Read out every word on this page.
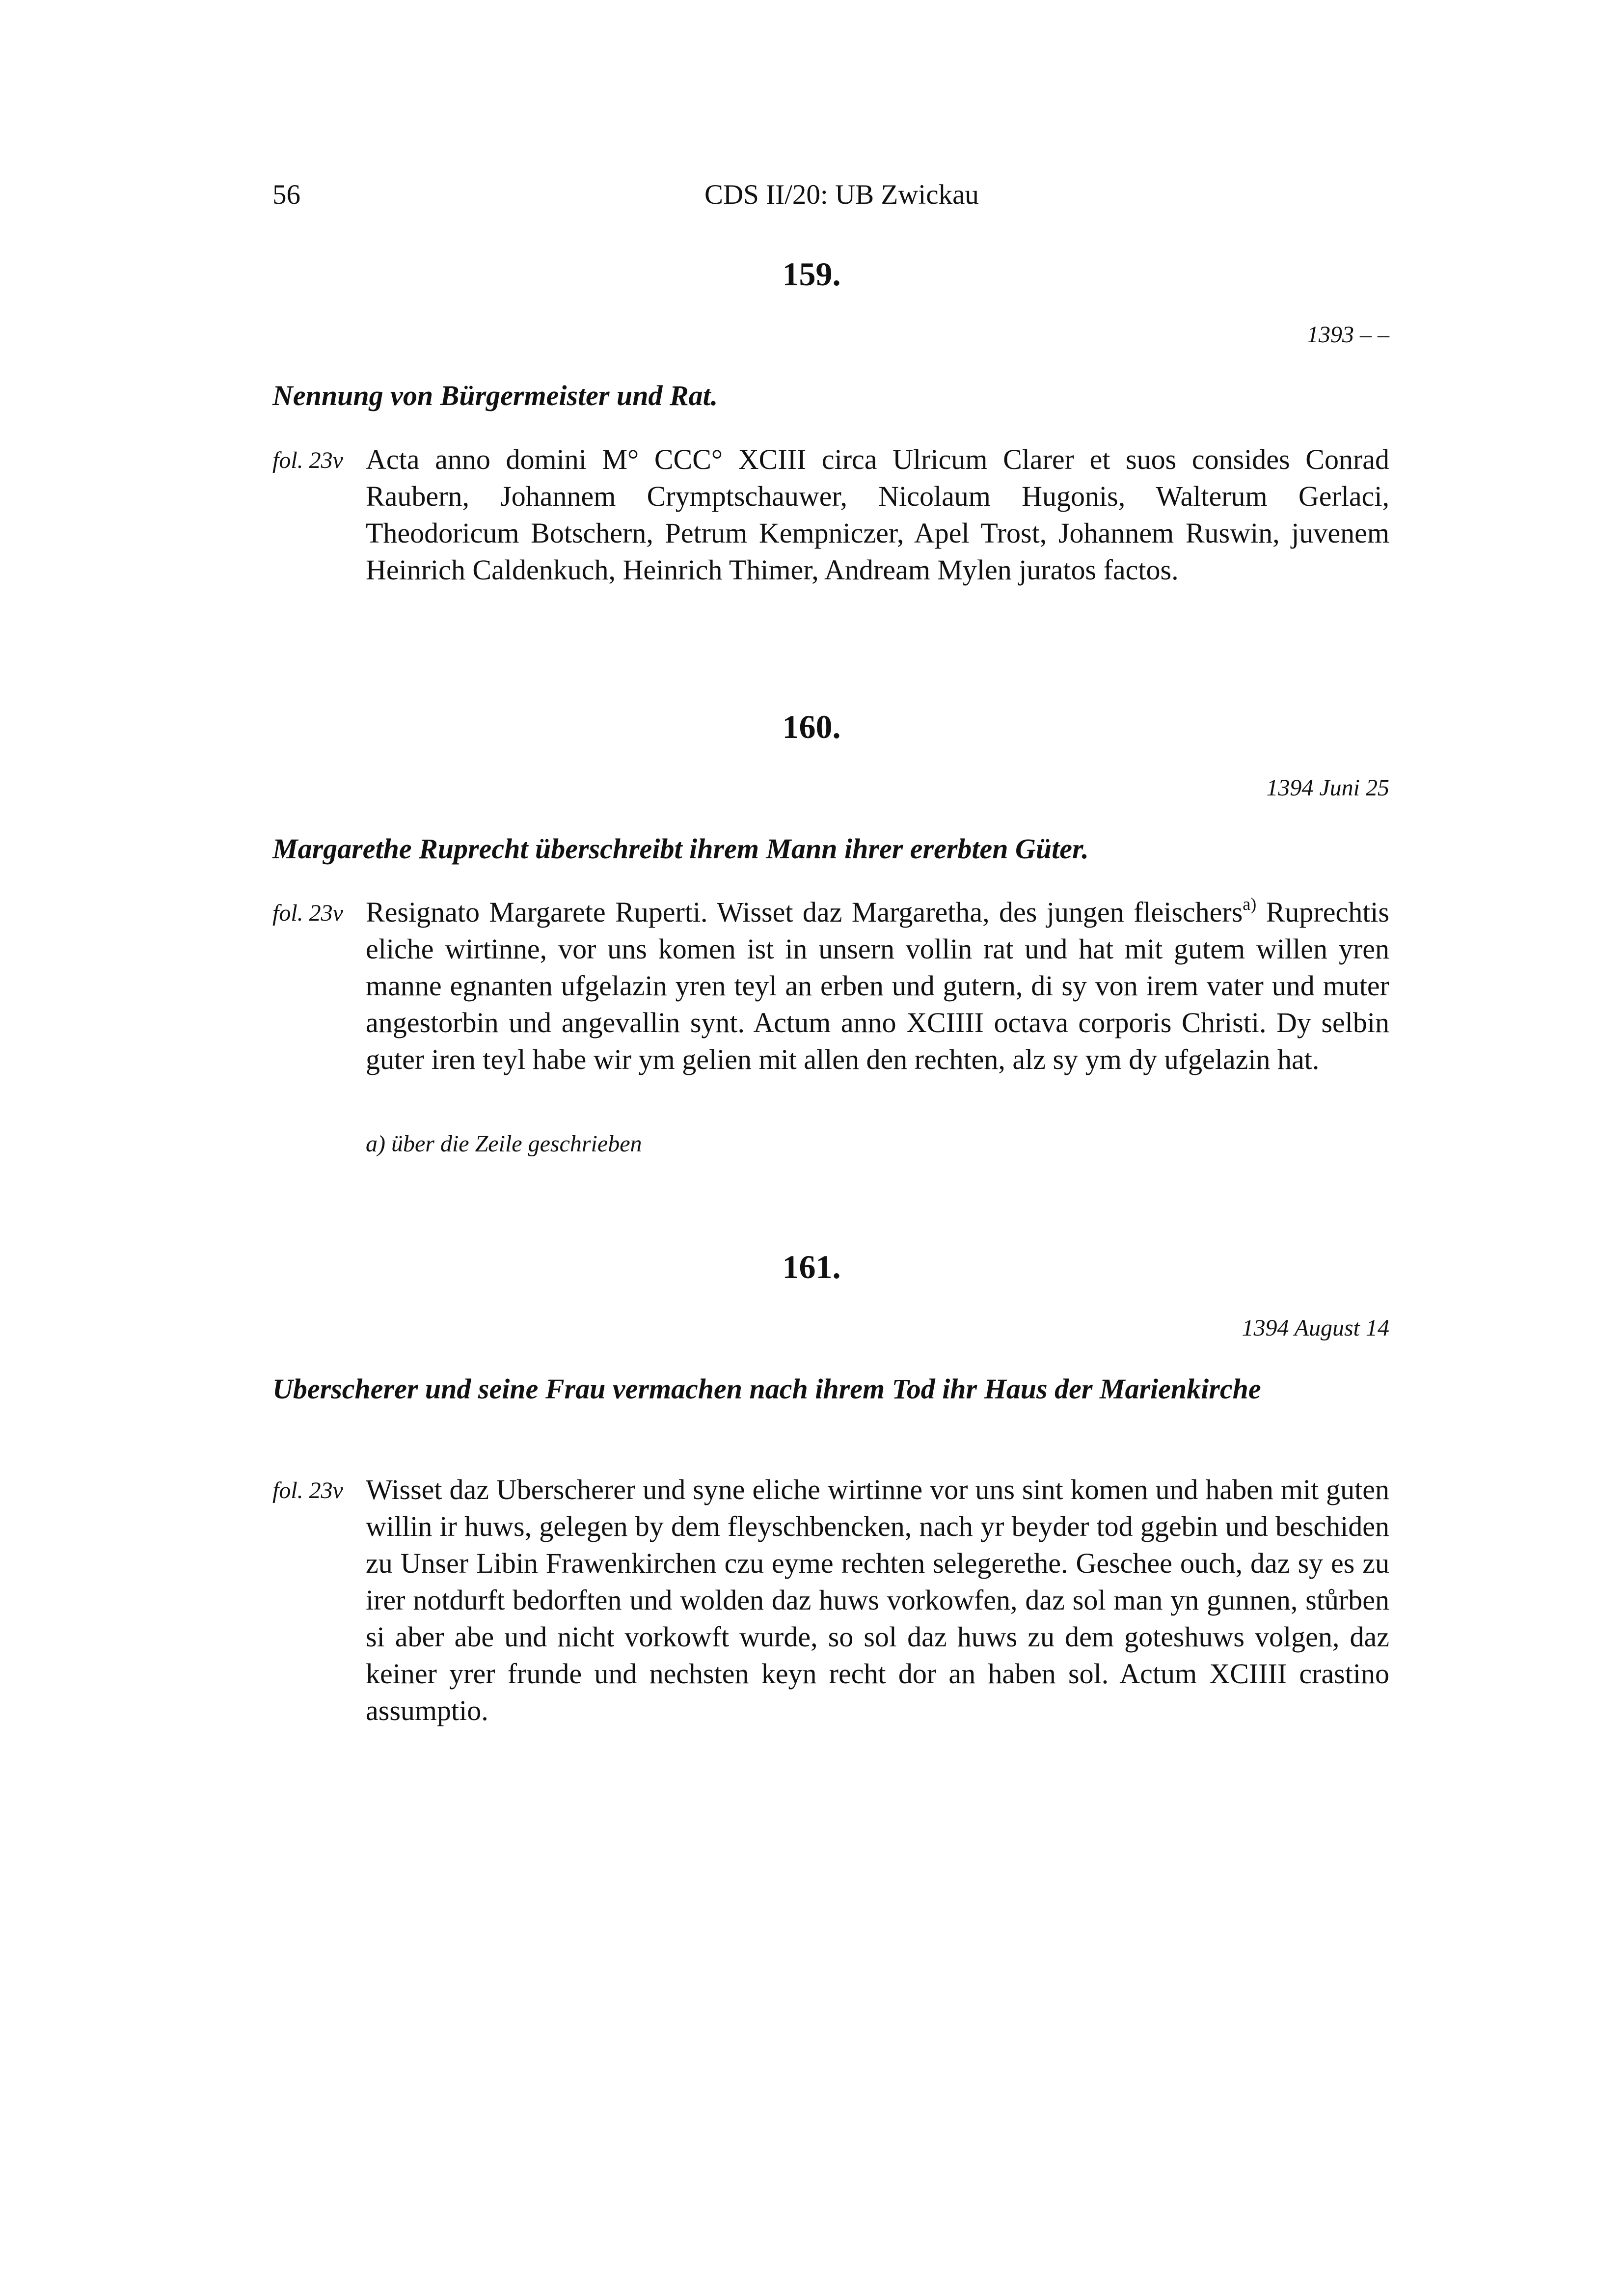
56	CDS II/20: UB Zwickau
159.
1393 – –
Nennung von Bürgermeister und Rat.
fol. 23v Acta anno domini M° CCC° XCIII circa Ulricum Clarer et suos consides Conrad Raubern, Johannem Crymptschauwer, Nicolaum Hugonis, Walterum Gerlaci, Theodoricum Botschern, Petrum Kempniczer, Apel Trost, Johannem Ruswin, juvenem Heinrich Caldenkuch, Heinrich Thimer, Andream Mylen juratos factos.
160.
1394 Juni 25
Margarethe Ruprecht überschreibt ihrem Mann ihrer ererbten Güter.
fol. 23v Resignato Margarete Ruperti. Wisset daz Margaretha, des jungen fleischers$^{a)}$ Ruprechtis eliche wirtinne, vor uns komen ist in unsern vollin rat und hat mit gutem willen yren manne egnanten ufgelazin yren teyl an erben und gutern, di sy von irem vater und muter angestorbin und angevallin synt. Actum anno XCIIII octava corporis Christi. Dy selbin guter iren teyl habe wir ym gelien mit allen den rechten, alz sy ym dy ufgelazin hat.
a) über die Zeile geschrieben
161.
1394 August 14
Uberscherer und seine Frau vermachen nach ihrem Tod ihr Haus der Marienkirche
fol. 23v Wisset daz Uberscherer und syne eliche wirtinne vor uns sint komen und haben mit guten willin ir huws, gelegen by dem fleyschbencken, nach yr beyder tod ggebin und beschiden zu Unser Libin Frawenkirchen czu eyme rechten selegerethe. Geschee ouch, daz sy es zu irer notdurft bedorften und wolden daz huws vorkowfen, daz sol man yn gunnen, stůrben si aber abe und nicht vorkowft wurde, so sol daz huws zu dem goteshuws volgen, daz keiner yrer frunde und nechsten keyn recht dor an haben sol. Actum XCIIII crastino assumptio.
